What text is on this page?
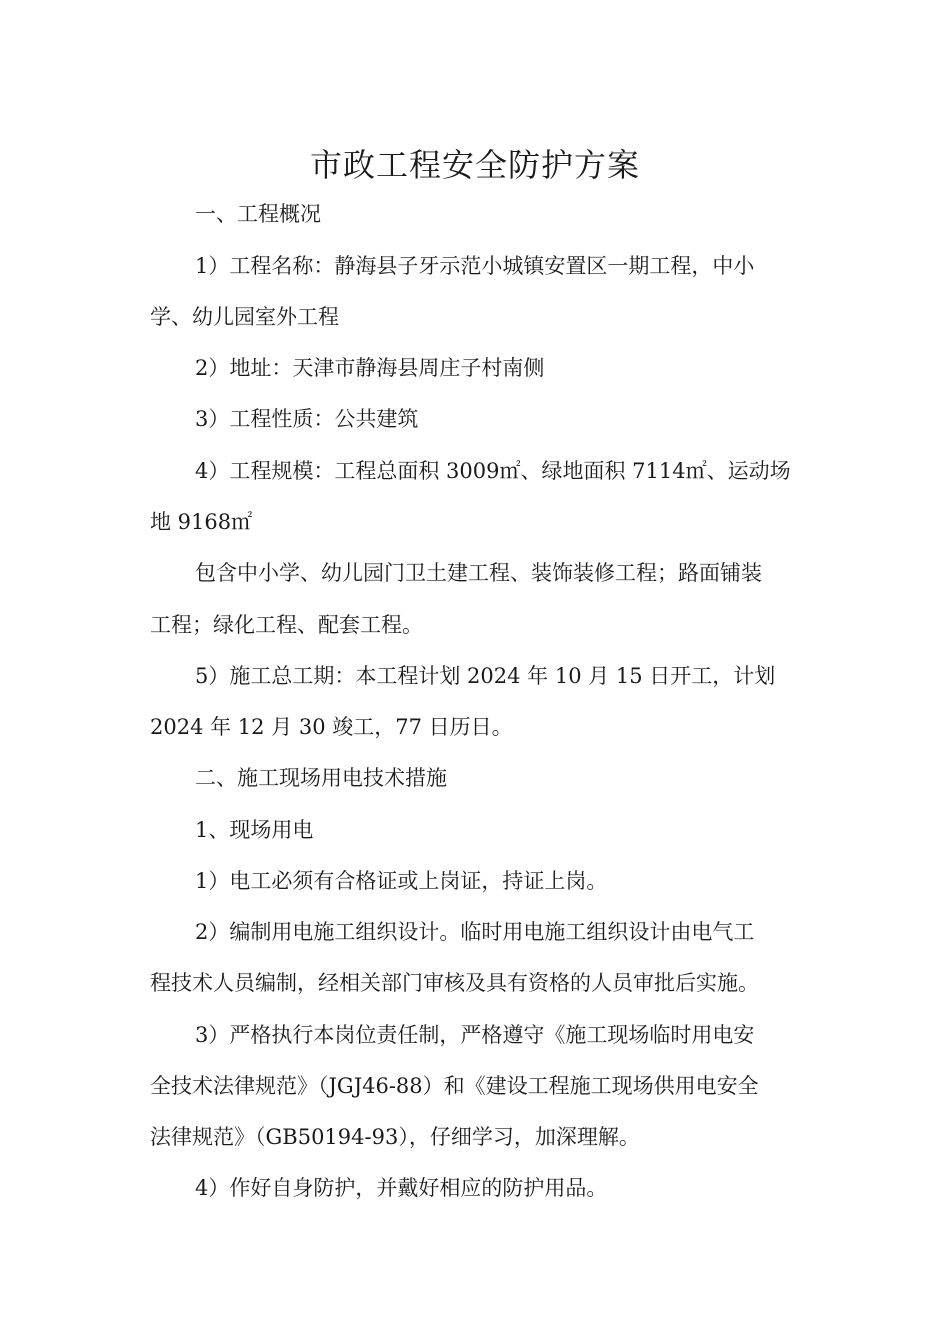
市政工程安全防护方案
一、工程概况
1）工程名称：静海县子牙示范小城镇安置区一期工程，中小
学、幼儿园室外工程
2）地址：天津市静海县周庄子村南侧
3）工程性质：公共建筑
4）工程规模：工程总面积 3009㎡、绿地面积 7114㎡、运动场
地 9168㎡
包含中小学、幼儿园门卫土建工程、装饰装修工程；路面铺装
工程；绿化工程、配套工程。
5）施工总工期：本工程计划 2024 年 10 月 15 日开工，计划
2024 年 12 月 30 竣工，77 日历日。
二、施工现场用电技术措施
1、现场用电
1）电工必须有合格证或上岗证，持证上岗。
2）编制用电施工组织设计。临时用电施工组织设计由电气工
程技术人员编制，经相关部门审核及具有资格的人员审批后实施。
3）严格执行本岗位责任制，严格遵守《施工现场临时用电安
全技术法律规范》（JGJ46-88）和《建设工程施工现场供用电安全
法律规范》（GB50194-93），仔细学习，加深理解。
4）作好自身防护，并戴好相应的防护用品。
